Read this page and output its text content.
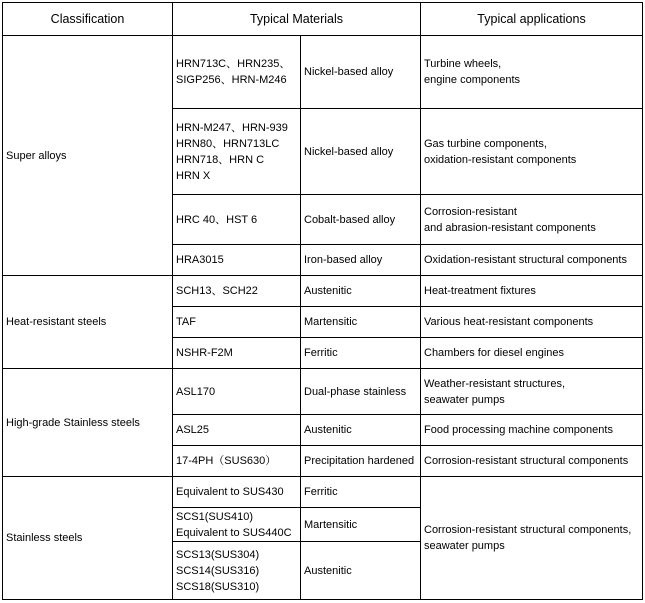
Classification	Typical Materials		Typical applications
Super alloys	HRN713C、HRN235、
SIGP256、HRN-M246	Nickel-based alloy	Turbine wheels,
engine components

	HRN-M247、HRN-939
HRN80、HRN713LC
HRN718、HRN C
HRN X	Nickel-based alloy	Gas turbine components,
oxidation-resistant components

	HRC 40、HST 6	Cobalt-based alloy	Corrosion-resistant
and abrasion-resistant components

	HRA3015	Iron-based alloy	Oxidation-resistant structural components

Heat-resistant steels	SCH13、SCH22	Austenitic	Heat-treatment fixtures

	TAF	Martensitic	Various heat-resistant components

	NSHR-F2M	Ferritic	Chambers for diesel engines

High-grade Stainless steels	ASL170	Dual-phase stainless	Weather-resistant structures,
seawater pumps

	ASL25	Austenitic	Food processing machine components

	17-4PH（SUS630）	Precipitation hardened	Corrosion-resistant structural components

Stainless steels	Equivalent to SUS430	Ferritic	Corrosion-resistant structural components,
seawater pumps

	SCS1(SUS410)
Equivalent to SUS440C	Martensitic	

	SCS13(SUS304)
SCS14(SUS316)
SCS18(SUS310)	Austenitic	
